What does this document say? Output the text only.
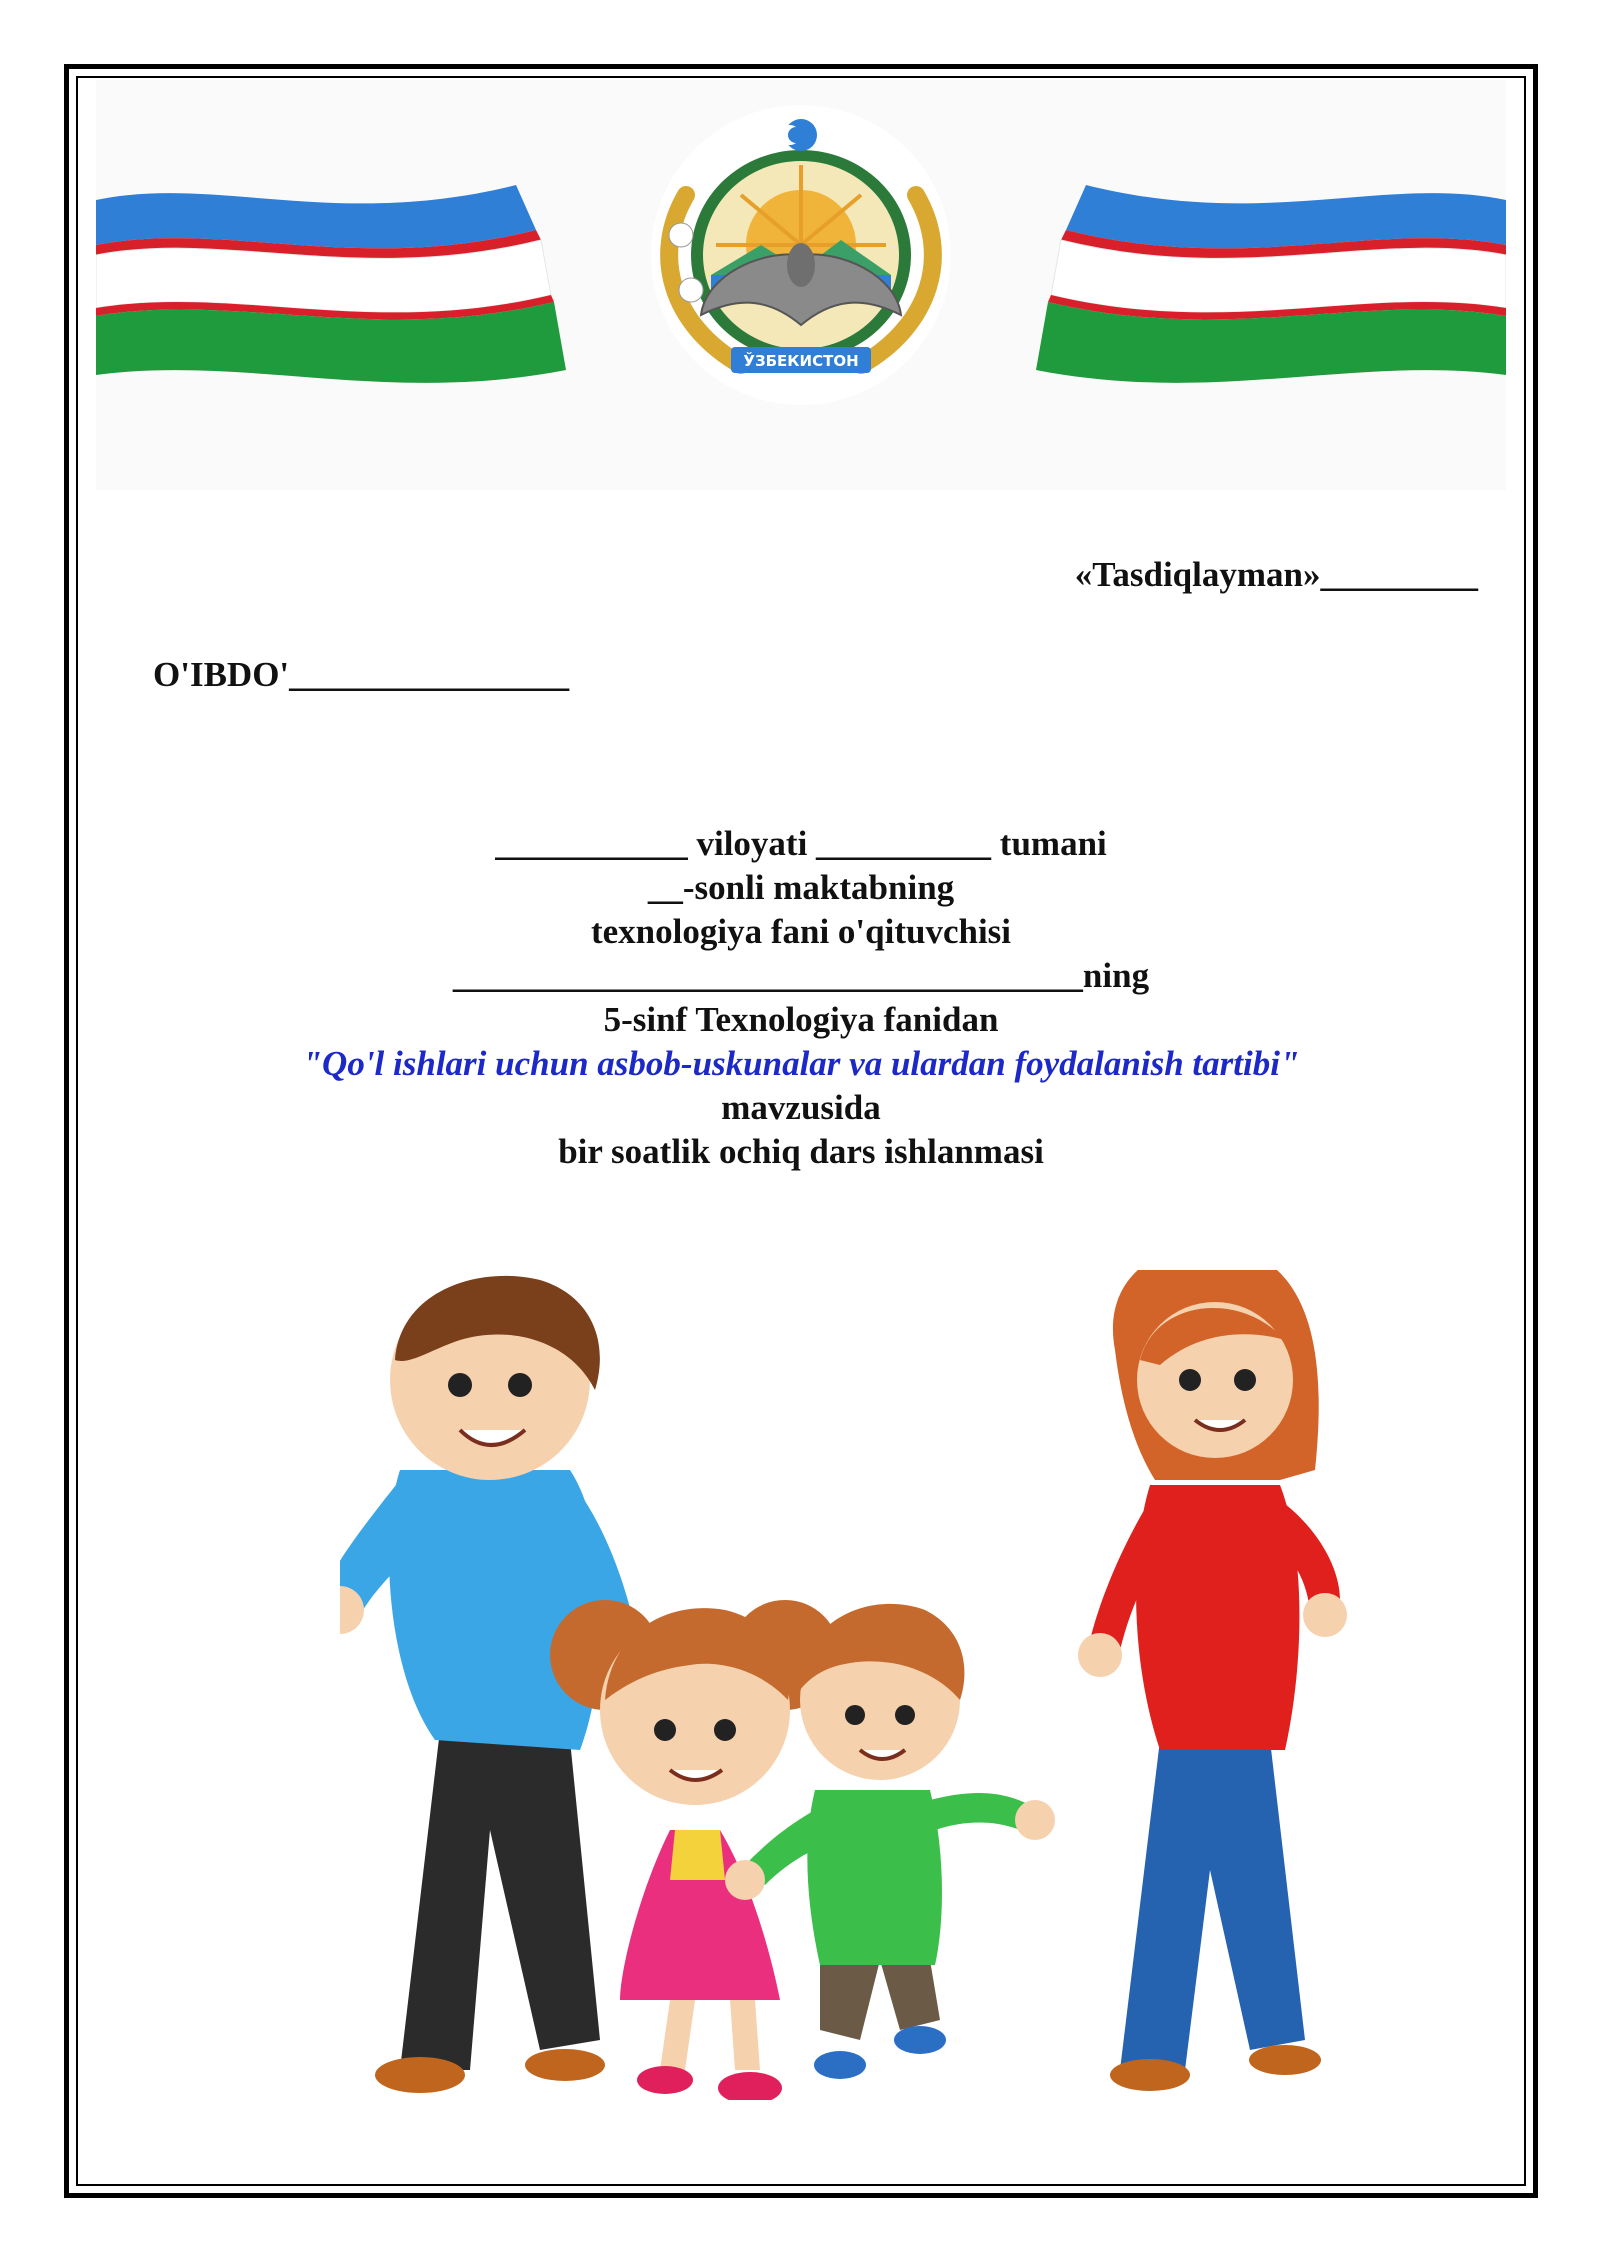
ЎЗБЕКИСТОН
«Tasdiqlayman»_________
O'IBDO'________________
___________ viloyati __________ tumani
__-sonli maktabning
texnologiya fani o'qituvchisi
____________________________________ning
5-sinf Texnologiya fanidan
"Qo'l ishlari uchun asbob-uskunalar va ulardan foydalanish tartibi"
mavzusida
bir soatlik ochiq dars ishlanmasi
